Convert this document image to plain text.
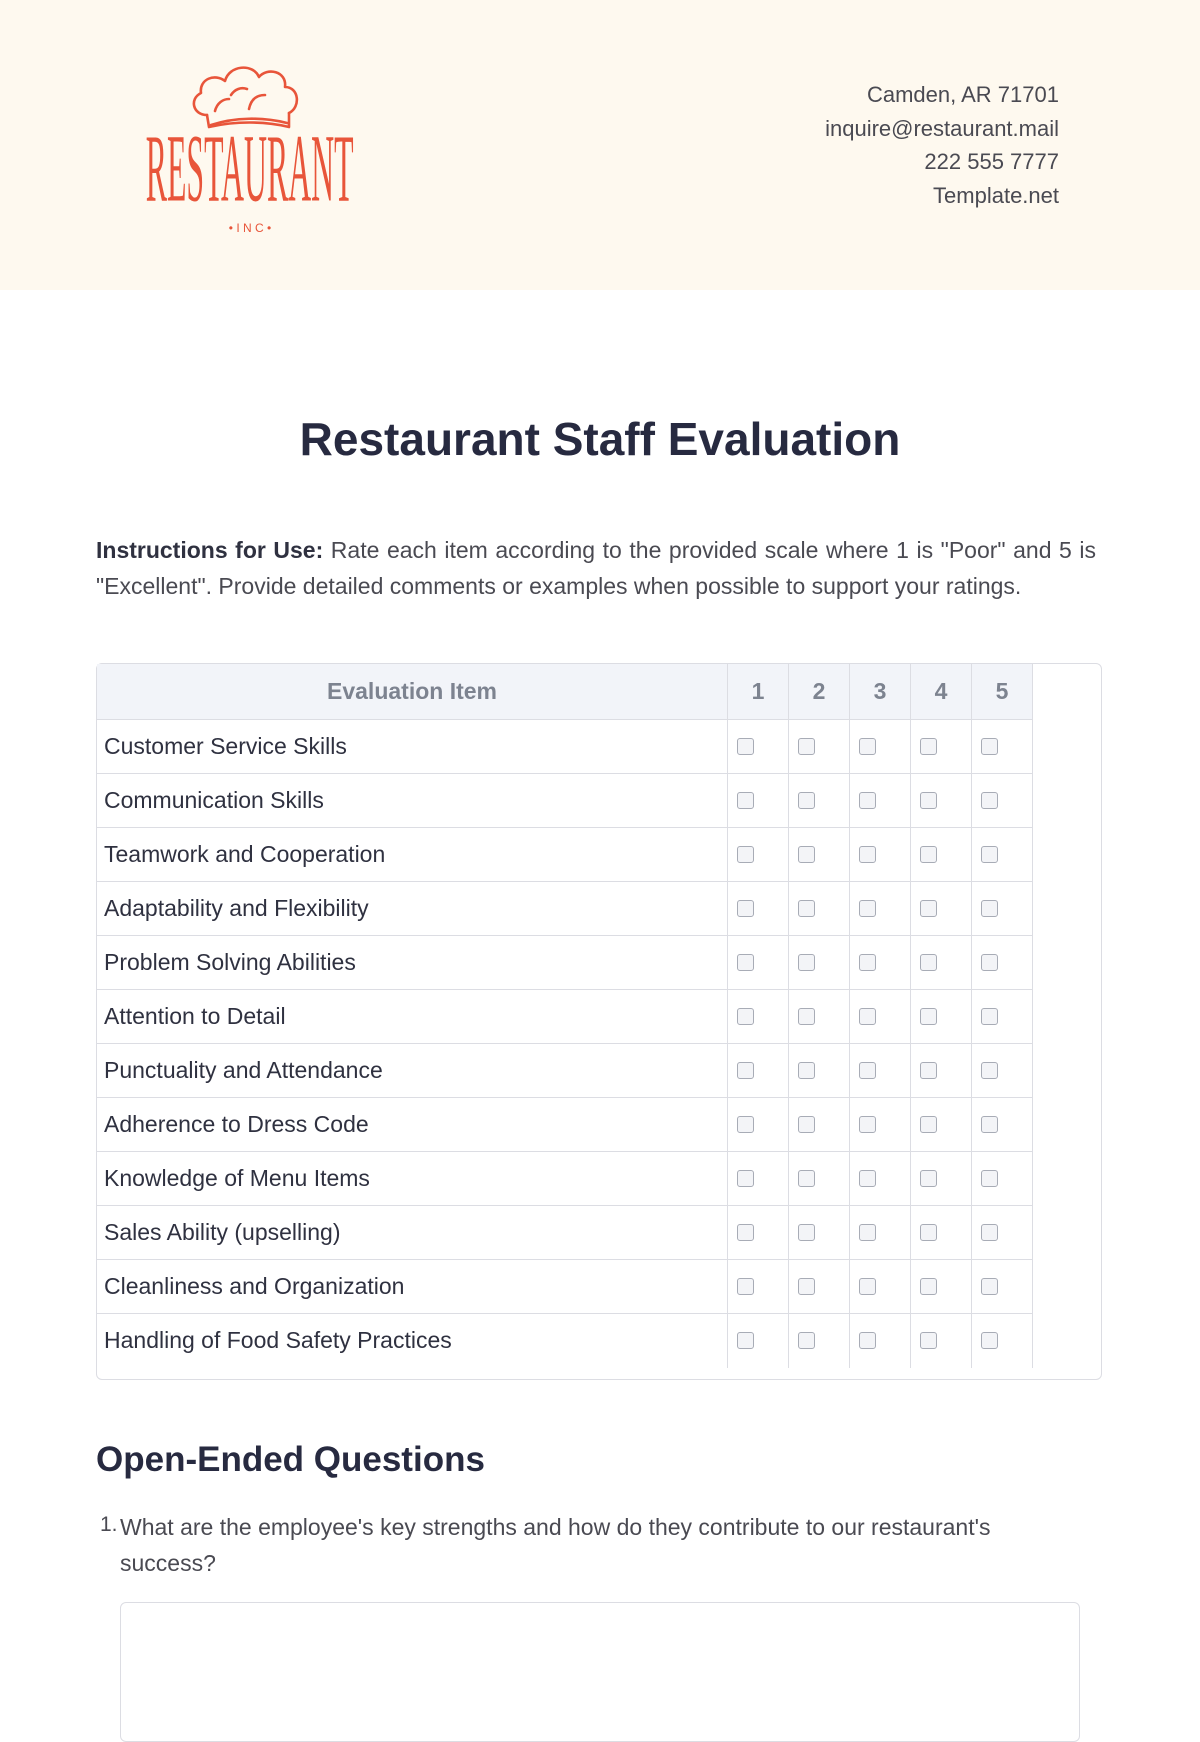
RESTAURANT
• I N C •
Camden, AR 71701
inquire@restaurant.mail
222 555 7777
Template.net
Restaurant Staff Evaluation

Instructions for Use: Rate each item according to the provided scale where 1 is "Poor" and 5 is "Excellent". Provide detailed comments or examples when possible to support your ratings.

Evaluation Item	1	2	3	4	5
Customer Service Skills					
Communication Skills					
Teamwork and Cooperation					
Adaptability and Flexibility					
Problem Solving Abilities					
Attention to Detail					
Punctuality and Attendance					
Adherence to Dress Code					
Knowledge of Menu Items					
Sales Ability (upselling)					
Cleanliness and Organization					
Handling of Food Safety Practices					
Open-Ended Questions
1. What are the employee's key strengths and how do they contribute to our restaurant's success?
